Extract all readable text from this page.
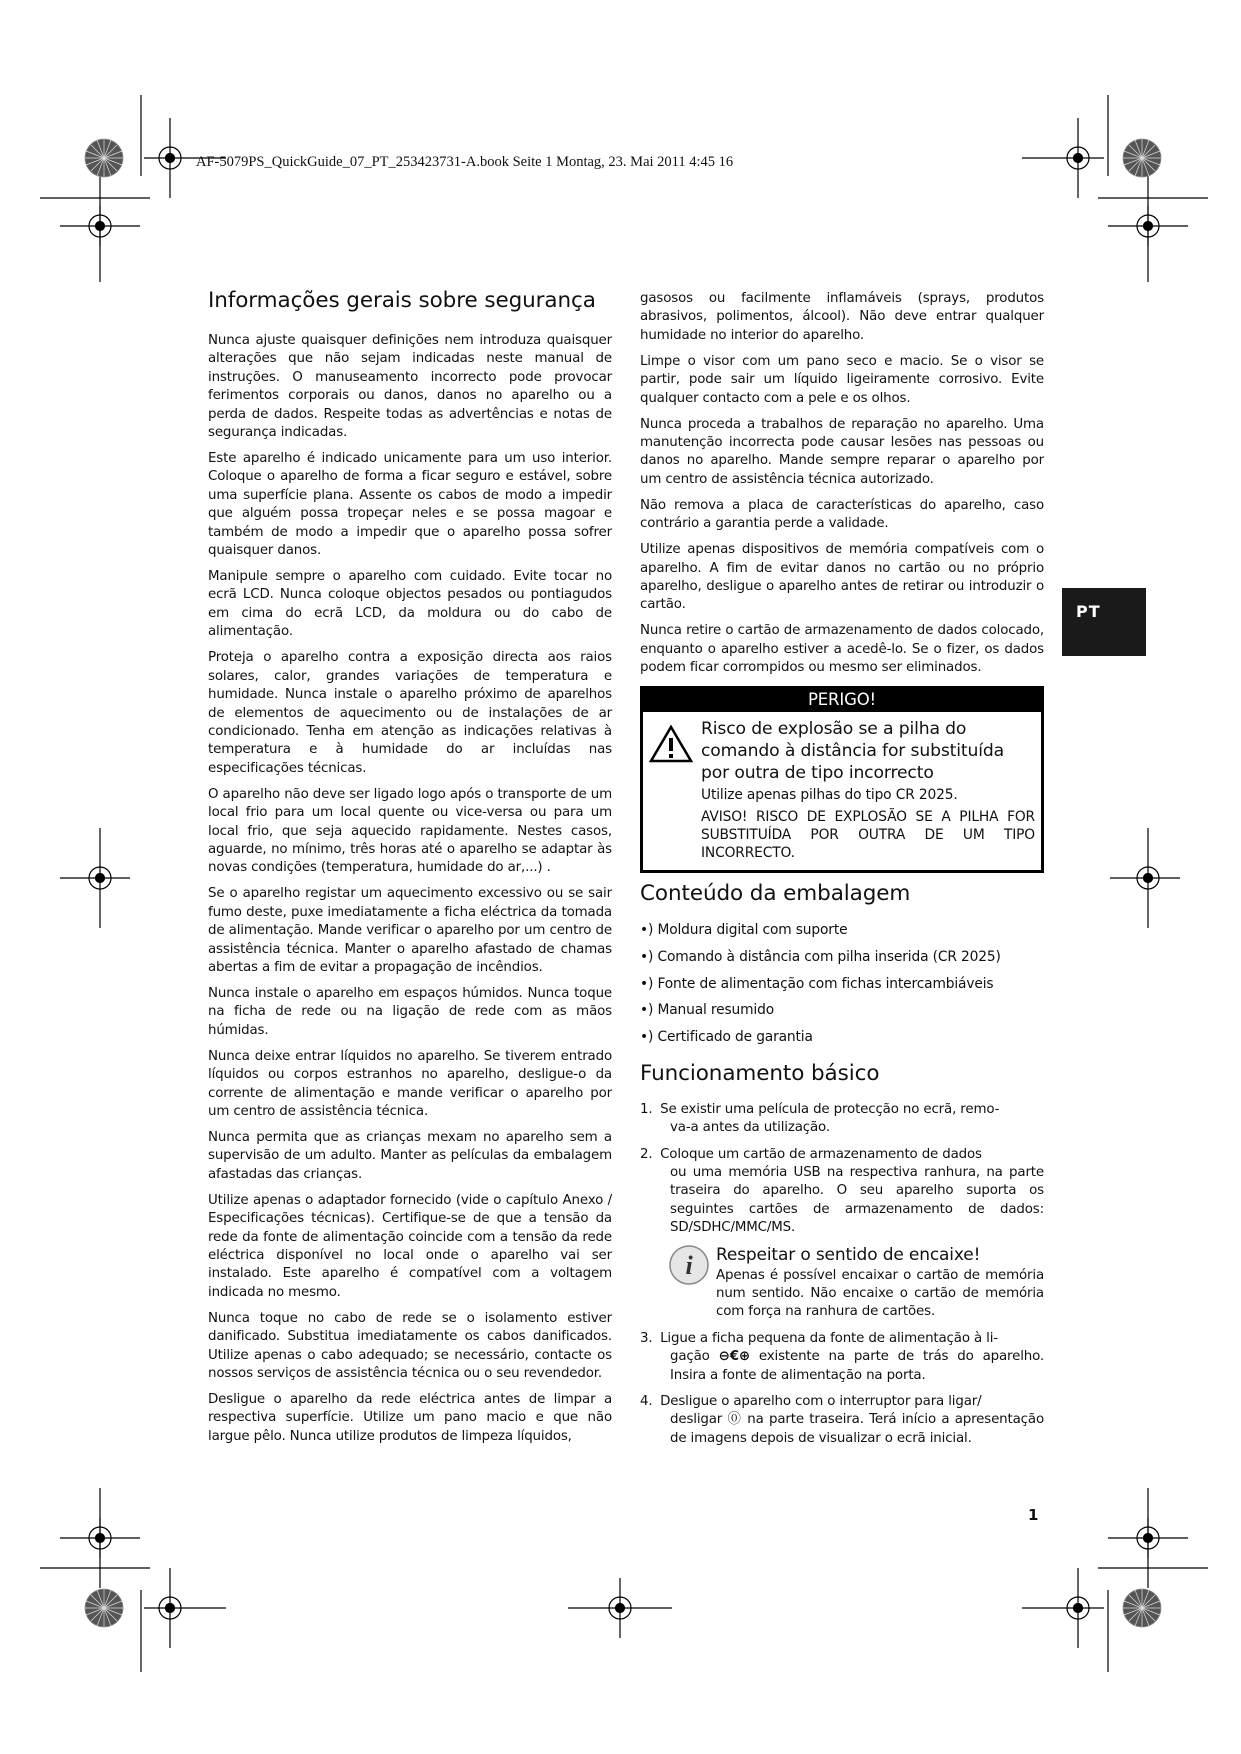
AF-5079PS_QuickGuide_07_PT_253423731-A.book Seite 1 Montag, 23. Mai 2011 4:45 16
Informações gerais sobre segurança

Nunca ajuste quaisquer definições nem introduza quaisquer alterações que não sejam indicadas neste manual de instruções. O manuseamento incorrecto pode provocar ferimentos corporais ou danos, danos no aparelho ou a perda de dados. Respeite todas as advertências e notas de segurança indicadas.

Este aparelho é indicado unicamente para um uso interior. Coloque o aparelho de forma a ficar seguro e estável, sobre uma superfície plana. Assente os cabos de modo a impedir que alguém possa tropeçar neles e se possa magoar e também de modo a impedir que o aparelho possa sofrer quaisquer danos.

Manipule sempre o aparelho com cuidado. Evite tocar no ecrã LCD. Nunca coloque objectos pesados ou pontiagudos em cima do ecrã LCD, da moldura ou do cabo de alimentação.

Proteja o aparelho contra a exposição directa aos raios solares, calor, grandes variações de temperatura e humidade. Nunca instale o aparelho próximo de aparelhos de elementos de aquecimento ou de instalações de ar condicionado. Tenha em atenção as indicações relativas à temperatura e à humidade do ar incluídas nas especificações técnicas.

O aparelho não deve ser ligado logo após o transporte de um local frio para um local quente ou vice-versa ou para um local frio, que seja aquecido rapidamente. Nestes casos, aguarde, no mínimo, três horas até o aparelho se adaptar às novas condições (temperatura, humidade do ar,...) .

Se o aparelho registar um aquecimento excessivo ou se sair fumo deste, puxe imediatamente a ficha eléctrica da tomada de alimentação. Mande verificar o aparelho por um centro de assistência técnica. Manter o aparelho afastado de chamas abertas a fim de evitar a propagação de incêndios.

Nunca instale o aparelho em espaços húmidos. Nunca toque na ficha de rede ou na ligação de rede com as mãos húmidas.

Nunca deixe entrar líquidos no aparelho. Se tiverem entrado líquidos ou corpos estranhos no aparelho, desligue-o da corrente de alimentação e mande verificar o aparelho por um centro de assistência técnica.

Nunca permita que as crianças mexam no aparelho sem a supervisão de um adulto. Manter as películas da embalagem afastadas das crianças.

Utilize apenas o adaptador fornecido (vide o capítulo Anexo / Especificações técnicas). Certifique-se de que a tensão da rede da fonte de alimentação coincide com a tensão da rede eléctrica disponível no local onde o aparelho vai ser instalado. Este aparelho é compatível com a voltagem indicada no mesmo.

Nunca toque no cabo de rede se o isolamento estiver danificado. Substitua imediatamente os cabos danificados. Utilize apenas o cabo adequado; se necessário, contacte os nossos serviços de assistência técnica ou o seu revendedor.

Desligue o aparelho da rede eléctrica antes de limpar a respectiva superfície. Utilize um pano macio e que não largue pêlo. Nunca utilize produtos de limpeza líquidos,

gasosos ou facilmente inflamáveis (sprays, produtos abrasivos, polimentos, álcool). Não deve entrar qualquer humidade no interior do aparelho.

Limpe o visor com um pano seco e macio. Se o visor se partir, pode sair um líquido ligeiramente corrosivo. Evite qualquer contacto com a pele e os olhos.

Nunca proceda a trabalhos de reparação no aparelho. Uma manutenção incorrecta pode causar lesões nas pessoas ou danos no aparelho. Mande sempre reparar o aparelho por um centro de assistência técnica autorizado.

Não remova a placa de características do aparelho, caso contrário a garantia perde a validade.

Utilize apenas dispositivos de memória compatíveis com o aparelho. A fim de evitar danos no cartão ou no próprio aparelho, desligue o aparelho antes de retirar ou introduzir o cartão.

Nunca retire o cartão de armazenamento de dados colocado, enquanto o aparelho estiver a acedê-lo. Se o fizer, os dados podem ficar corrompidos ou mesmo ser eliminados.

PERIGO!
Risco de explosão se a pilha do comando à distância for substituída por outra de tipo incorrecto

Utilize apenas pilhas do tipo CR 2025.

AVISO! RISCO DE EXPLOSÃO SE A PILHA FOR SUBSTITUÍDA POR OUTRA DE UM TIPO INCORRECTO.

Conteúdo da embalagem
•) Moldura digital com suporte
•) Comando à distância com pilha inserida (CR 2025)
•) Fonte de alimentação com fichas intercambiáveis
•) Manual resumido
•) Certificado de garantia
Funcionamento básico
1. Se existir uma película de protecção no ecrã, remo-
va-a antes da utilização.
2. Coloque um cartão de armazenamento de dados
ou uma memória USB na respectiva ranhura, na parte traseira do aparelho. O seu aparelho suporta os seguintes cartões de armazenamento de dados: SD/SDHC/MMC/MS.
i Respeitar o sentido de encaixe!
Apenas é possível encaixar o cartão de memória num sentido. Não encaixe o cartão de memória com força na ranhura de cartões.
3. Ligue a ficha pequena da fonte de alimentação à li-
gação ⊖€⊕ existente na parte de trás do aparelho. Insira a fonte de alimentação na porta.
4. Desligue o aparelho com o interruptor para ligar/
desligar ⓪ na parte traseira. Terá início a apresentação de imagens depois de visualizar o ecrã inicial.
PT
1
